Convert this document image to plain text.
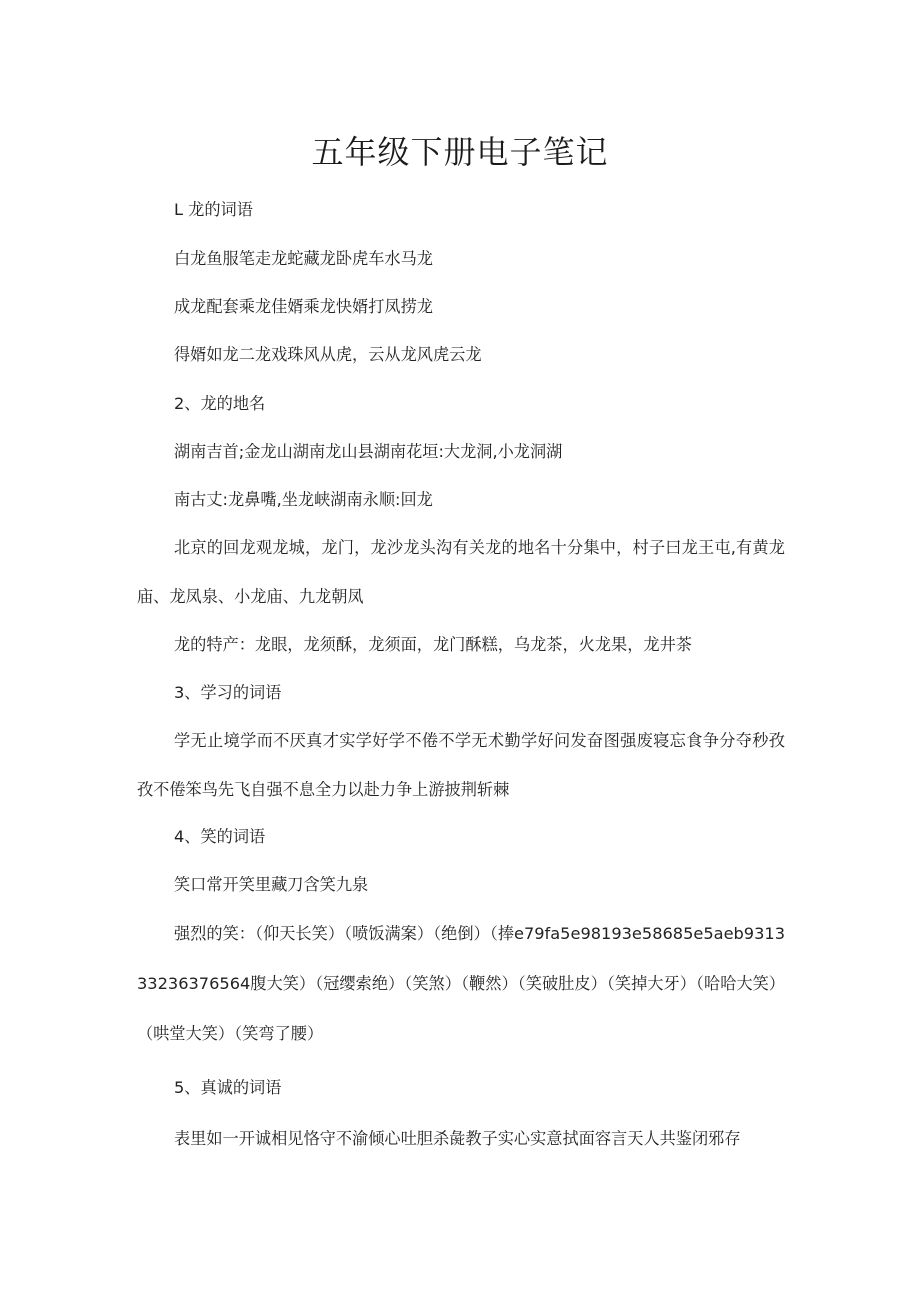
五年级下册电子笔记
L 龙的词语
白龙鱼服笔走龙蛇藏龙卧虎车水马龙
成龙配套乘龙佳婿乘龙快婿打凤捞龙
得婿如龙二龙戏珠风从虎，云从龙风虎云龙
2、龙的地名
湖南吉首;金龙山湖南龙山县湖南花垣:大龙洞,小龙洞湖
南古丈:龙鼻嘴,坐龙峡湖南永顺:回龙
北京的回龙观龙城，龙门，龙沙龙头沟有关龙的地名十分集中，村子曰龙王屯,有黄龙庙、龙凤泉、小龙庙、九龙朝凤
龙的特产：龙眼，龙须酥，龙须面，龙门酥糕，乌龙茶，火龙果，龙井茶
3、学习的词语
学无止境学而不厌真才实学好学不倦不学无术勤学好问发奋图强废寝忘食争分夺秒孜孜不倦笨鸟先飞自强不息全力以赴力争上游披荆斩棘
4、笑的词语
笑口常开笑里藏刀含笑九泉
强烈的笑：（仰天长笑）（喷饭满案）（绝倒）（捧e79fa5e98193e58685e5aeb931333236376564腹大笑）（冠缨索绝）（笑煞）（鞭然）（笑破肚皮）（笑掉大牙）（哈哈大笑）（哄堂大笑）（笑弯了腰）
5、真诚的词语
表里如一开诚相见恪守不渝倾心吐胆杀彘教子实心实意拭面容言天人共鉴闭邪存
